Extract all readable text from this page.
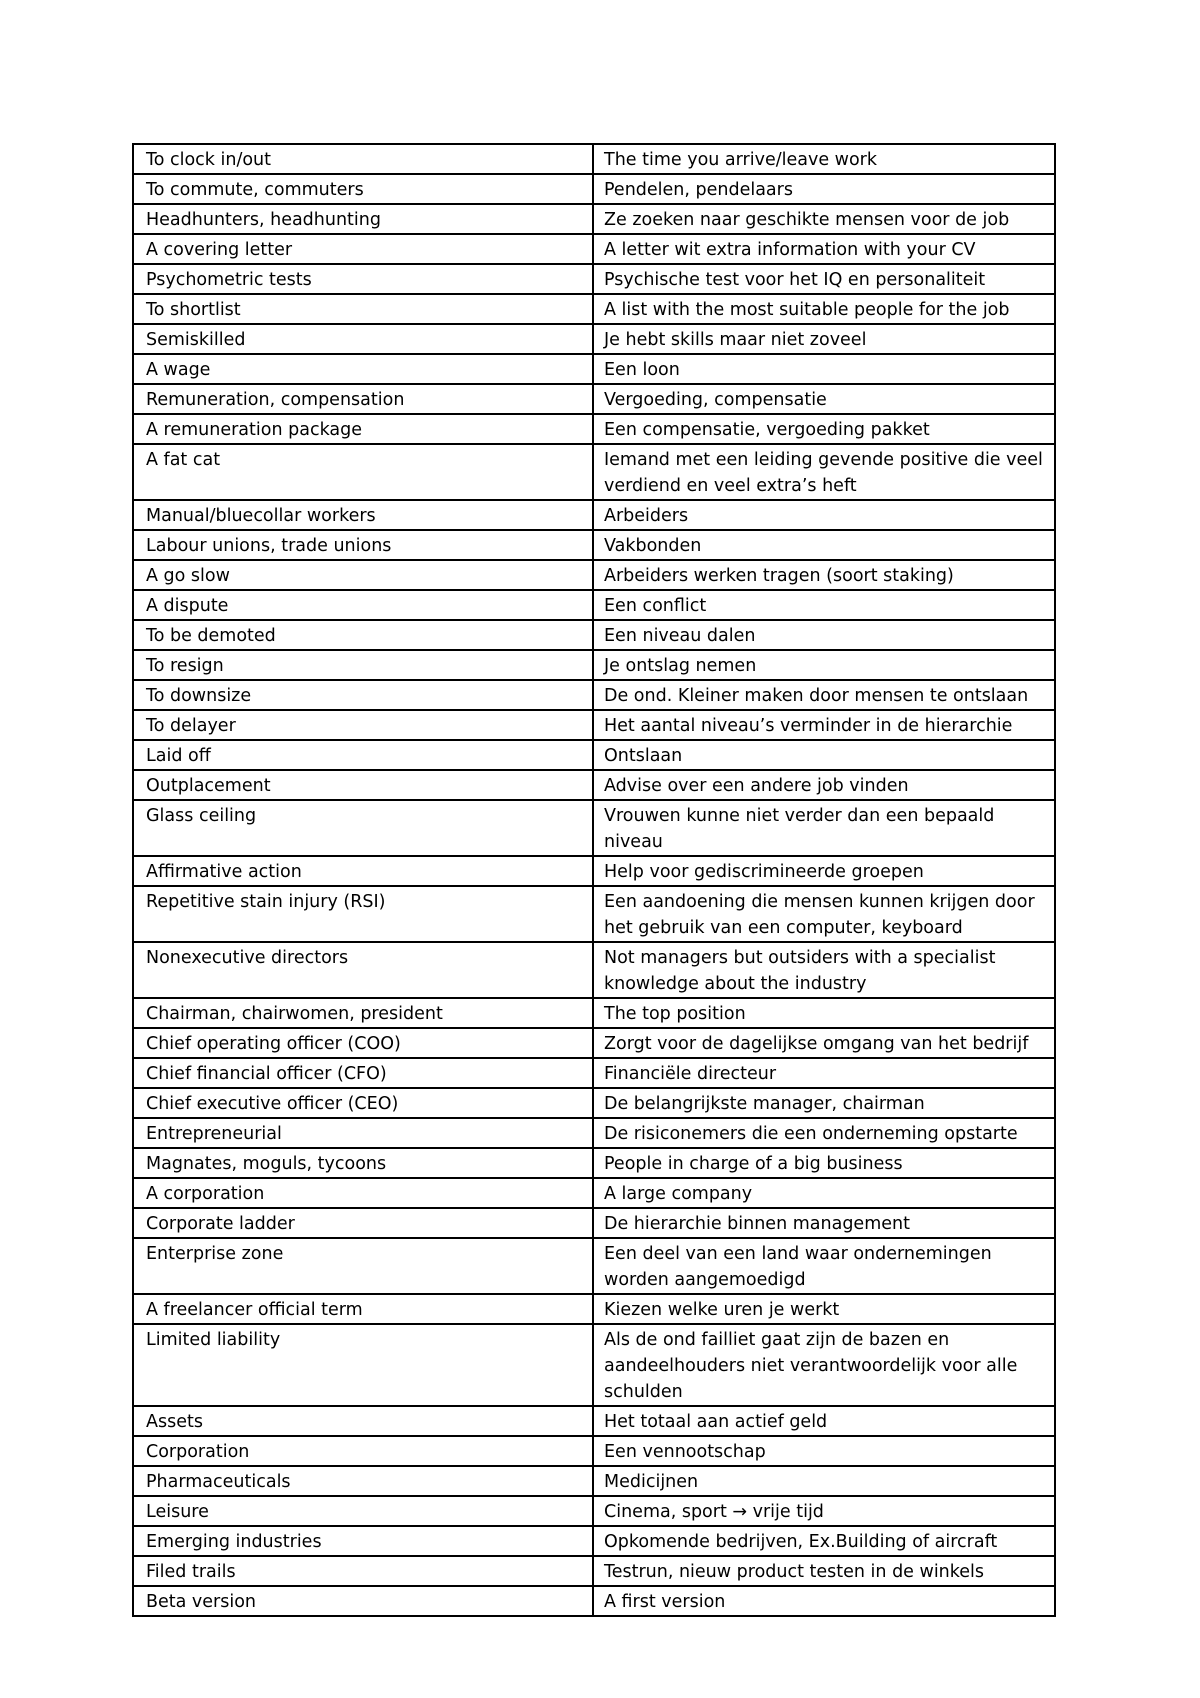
To clock in/out	The time you arrive/leave work
To commute, commuters	Pendelen, pendelaars
Headhunters, headhunting	Ze zoeken naar geschikte mensen voor de job
A covering letter	A letter wit extra information with your CV
Psychometric tests	Psychische test voor het IQ en personaliteit
To shortlist	A list with the most suitable people for the job
Semiskilled	Je hebt skills maar niet zoveel
A wage	Een loon
Remuneration, compensation	Vergoeding, compensatie
A remuneration package	Een compensatie, vergoeding pakket
A fat cat	Iemand met een leiding gevende positive die veel verdiend en veel extra’s heft
Manual/bluecollar workers	Arbeiders
Labour unions, trade unions	Vakbonden
A go slow	Arbeiders werken tragen (soort staking)
A dispute	Een conflict
To be demoted	Een niveau dalen
To resign	Je ontslag nemen
To downsize	De ond. Kleiner maken door mensen te ontslaan
To delayer	Het aantal niveau’s verminder in de hierarchie
Laid off	Ontslaan
Outplacement	Advise over een andere job vinden
Glass ceiling	Vrouwen kunne niet verder dan een bepaald niveau
Affirmative action	Help voor gediscrimineerde groepen
Repetitive stain injury (RSI)	Een aandoening die mensen kunnen krijgen door het gebruik van een computer, keyboard
Nonexecutive directors	Not managers but outsiders with a specialist knowledge about the industry
Chairman, chairwomen, president	The top position
Chief operating officer (COO)	Zorgt voor de dagelijkse omgang van het bedrijf
Chief financial officer (CFO)	Financiële directeur
Chief executive officer (CEO)	De belangrijkste manager, chairman
Entrepreneurial	De risiconemers die een onderneming opstarte
Magnates, moguls, tycoons	People in charge of a big business
A corporation	A large company
Corporate ladder	De hierarchie binnen management
Enterprise zone	Een deel van een land waar ondernemingen worden aangemoedigd
A freelancer official term	Kiezen welke uren je werkt
Limited liability	Als de ond failliet gaat zijn de bazen en aandeelhouders niet verantwoordelijk voor alle schulden
Assets	Het totaal aan actief geld
Corporation	Een vennootschap
Pharmaceuticals	Medicijnen
Leisure	Cinema, sport → vrije tijd
Emerging industries	Opkomende bedrijven, Ex.Building of aircraft
Filed trails	Testrun, nieuw product testen in de winkels
Beta version	A first version
